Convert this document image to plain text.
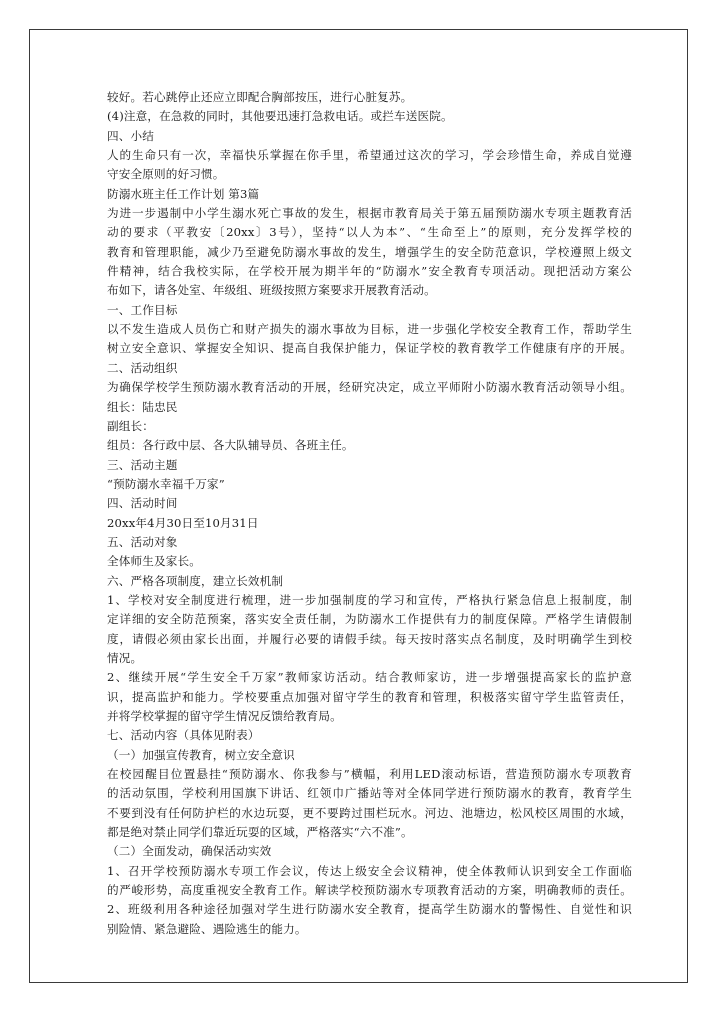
较好。若心跳停止还应立即配合胸部按压，进行心脏复苏。
(4)注意，在急救的同时，其他要迅速打急救电话。或拦车送医院。
四、小结
人的生命只有一次，幸福快乐掌握在你手里，希望通过这次的学习，学会珍惜生命，养成自觉遵
守安全原则的好习惯。
防溺水班主任工作计划 第3篇
为进一步遏制中小学生溺水死亡事故的发生，根据市教育局关于第五届预防溺水专项主题教育活
动的要求（平教安〔20xx〕3号），坚持“以人为本”、“生命至上”的原则，充分发挥学校的
教育和管理职能，减少乃至避免防溺水事故的发生，增强学生的安全防范意识，学校遵照上级文
件精神，结合我校实际，在学校开展为期半年的“防溺水”安全教育专项活动。现把活动方案公
布如下，请各处室、年级组、班级按照方案要求开展教育活动。
一、工作目标
以不发生造成人员伤亡和财产损失的溺水事故为目标，进一步强化学校安全教育工作，帮助学生
树立安全意识、掌握安全知识、提高自我保护能力，保证学校的教育教学工作健康有序的开展。
二、活动组织
为确保学校学生预防溺水教育活动的开展，经研究决定，成立平师附小防溺水教育活动领导小组。
组长：陆忠民
副组长：
组员：各行政中层、各大队辅导员、各班主任。
三、活动主题
“预防溺水幸福千万家”
四、活动时间
20xx年4月30日至10月31日
五、活动对象
全体师生及家长。
六、严格各项制度，建立长效机制
1、学校对安全制度进行梳理，进一步加强制度的学习和宣传，严格执行紧急信息上报制度，制
定详细的安全防范预案，落实安全责任制，为防溺水工作提供有力的制度保障。严格学生请假制
度，请假必须由家长出面，并履行必要的请假手续。每天按时落实点名制度，及时明确学生到校
情况。
2、继续开展“学生安全千万家”教师家访活动。结合教师家访，进一步增强提高家长的监护意
识，提高监护和能力。学校要重点加强对留守学生的教育和管理，积极落实留守学生监管责任，
并将学校掌握的留守学生情况反馈给教育局。
七、活动内容（具体见附表）
（一）加强宣传教育，树立安全意识
在校园醒目位置悬挂“预防溺水、你我参与”横幅，利用LED滚动标语，营造预防溺水专项教育
的活动氛围，学校利用国旗下讲话、红领巾广播站等对全体同学进行预防溺水的教育，教育学生
不要到没有任何防护栏的水边玩耍，更不要跨过围栏玩水。河边、池塘边，松风校区周围的水域，
都是绝对禁止同学们靠近玩耍的区域，严格落实“六不准”。
（二）全面发动，确保活动实效
1、召开学校预防溺水专项工作会议，传达上级安全会议精神，使全体教师认识到安全工作面临
的严峻形势，高度重视安全教育工作。解读学校预防溺水专项教育活动的方案，明确教师的责任。
2、班级利用各种途径加强对学生进行防溺水安全教育，提高学生防溺水的警惕性、自觉性和识
别险情、紧急避险、遇险逃生的能力。
